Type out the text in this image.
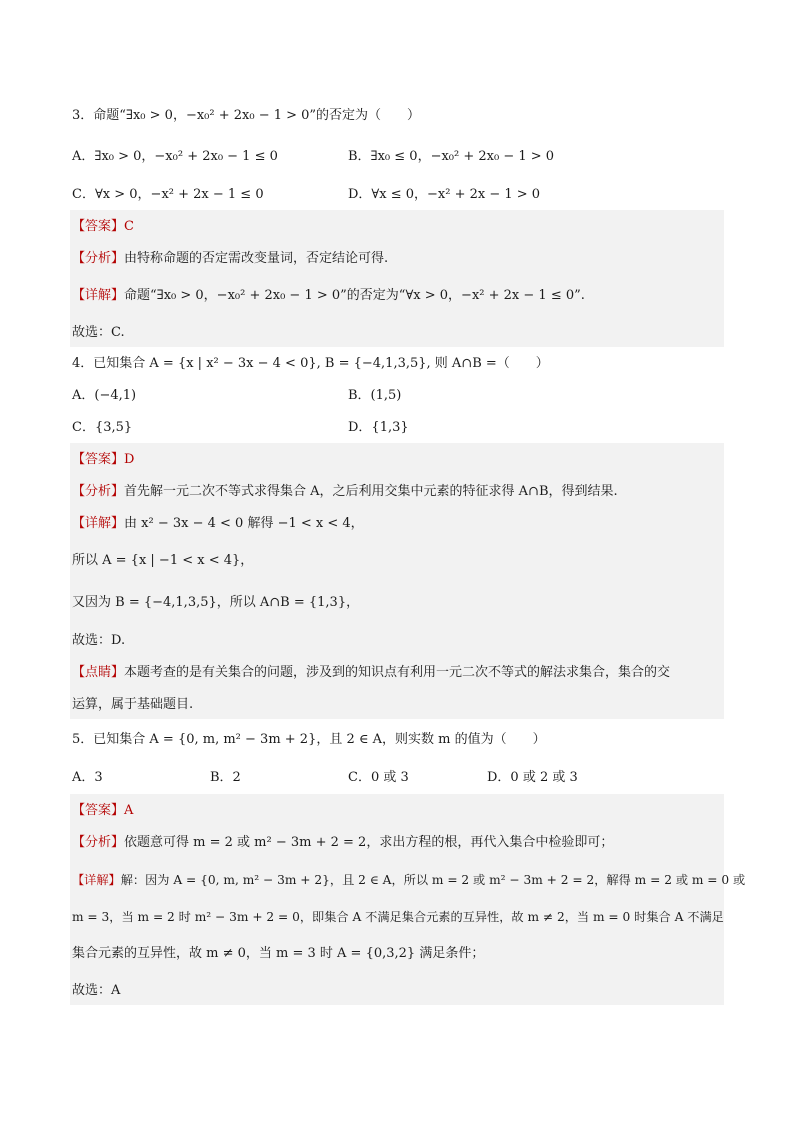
3．命题“∃x₀ > 0，−x₀² + 2x₀ − 1 > 0”的否定为（　　）
A．∃x₀ > 0，−x₀² + 2x₀ − 1 ≤ 0	B．∃x₀ ≤ 0，−x₀² + 2x₀ − 1 > 0
C．∀x > 0，−x² + 2x − 1 ≤ 0	D．∀x ≤ 0，−x² + 2x − 1 > 0
【答案】C
【分析】由特称命题的否定需改变量词，否定结论可得.
【详解】命题“∃x₀ > 0，−x₀² + 2x₀ − 1 > 0”的否定为“∀x > 0，−x² + 2x − 1 ≤ 0”.
故选：C.
4．已知集合 A = {x | x² − 3x − 4 < 0}, B = {−4,1,3,5}, 则 A∩B =（　　）
A．(−4,1)	B．(1,5)
C．{3,5}	D．{1,3}
【答案】D
【分析】首先解一元二次不等式求得集合 A，之后利用交集中元素的特征求得 A∩B，得到结果.
【详解】由 x² − 3x − 4 < 0 解得 −1 < x < 4，
所以 A = {x | −1 < x < 4}，
又因为 B = {−4,1,3,5}，所以 A∩B = {1,3}，
故选：D.
【点睛】本题考查的是有关集合的问题，涉及到的知识点有利用一元二次不等式的解法求集合，集合的交
运算，属于基础题目.
5．已知集合 A = {0, m, m² − 3m + 2}，且 2 ∈ A，则实数 m 的值为（　　）
A．3	B．2	C．0 或 3	D．0 或 2 或 3
【答案】A
【分析】依题意可得 m = 2 或 m² − 3m + 2 = 2，求出方程的根，再代入集合中检验即可；
【详解】解：因为 A = {0, m, m² − 3m + 2}，且 2 ∈ A，所以 m = 2 或 m² − 3m + 2 = 2，解得 m = 2 或 m = 0 或
m = 3，当 m = 2 时 m² − 3m + 2 = 0，即集合 A 不满足集合元素的互异性，故 m ≠ 2，当 m = 0 时集合 A 不满足
集合元素的互异性，故 m ≠ 0，当 m = 3 时 A = {0,3,2} 满足条件；
故选：A
